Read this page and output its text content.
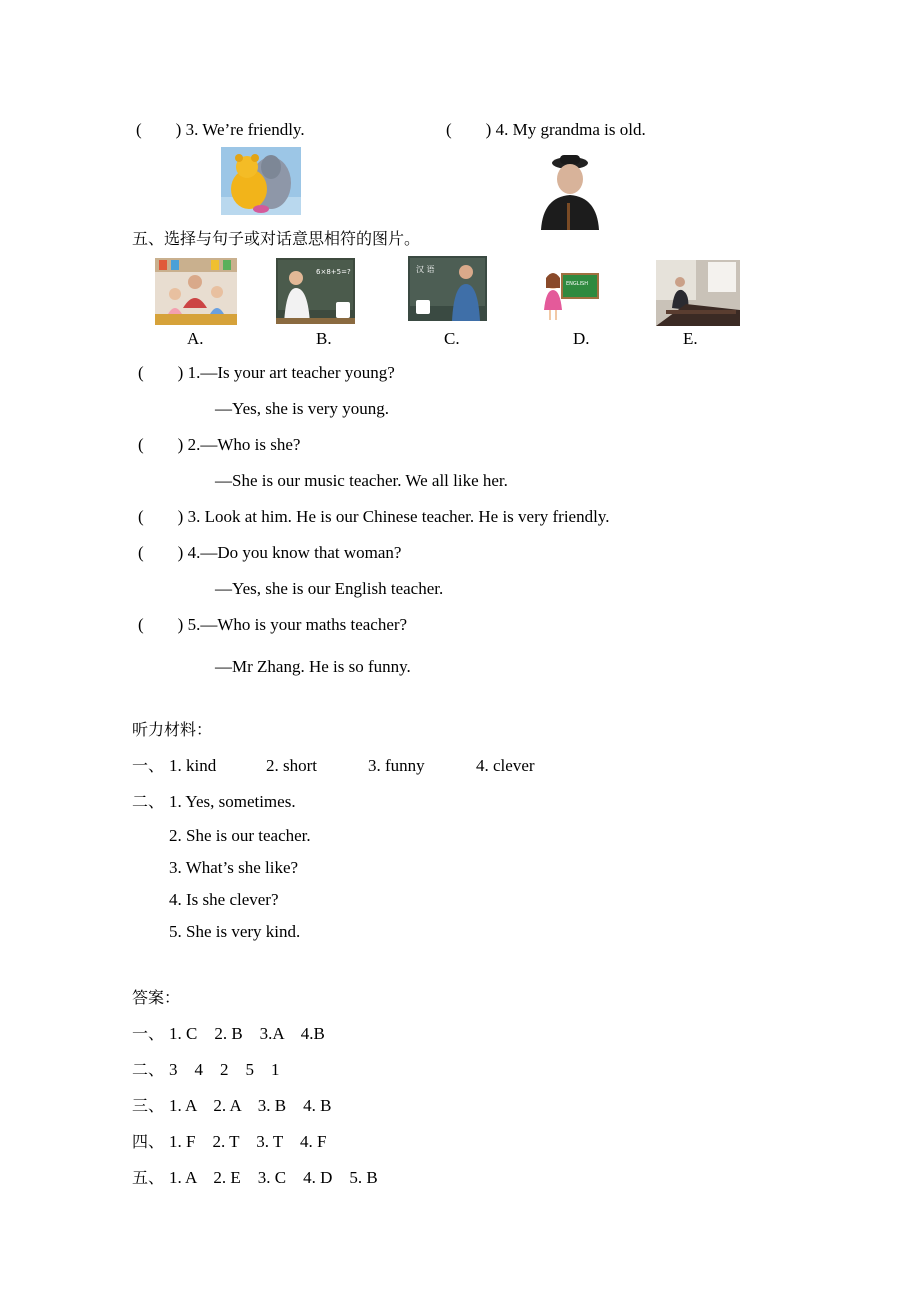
(        ) 3. We’re friendly.	(        ) 4. My grandma is old.
五、选择与句子或对话意思相符的图片。
6×8+5=?	汉 语
ENGLISH
A.	B.	C.	D.	E.
(        ) 1.—Is your art teacher young?
—Yes, she is very young.
(        ) 2.—Who is she?
—She is our music teacher. We all like her.
(        ) 3. Look at him. He is our Chinese teacher. He is very friendly.
(        ) 4.—Do you know that woman?
—Yes, she is our English teacher.
(        ) 5.—Who is your maths teacher?
—Mr Zhang. He is so funny.
听力材料：
一、 1. kind	2. short	3. funny	4. clever
二、 1. Yes, sometimes.
2. She is our teacher.
3. What’s she like?
4. Is she clever?
5. She is very kind.
答案：
一、 1. C    2. B    3.A    4.B
二、 3    4    2    5    1
三、 1. A    2. A    3. B    4. B
四、 1. F    2. T    3. T    4. F
五、 1. A    2. E    3. C    4. D    5. B
